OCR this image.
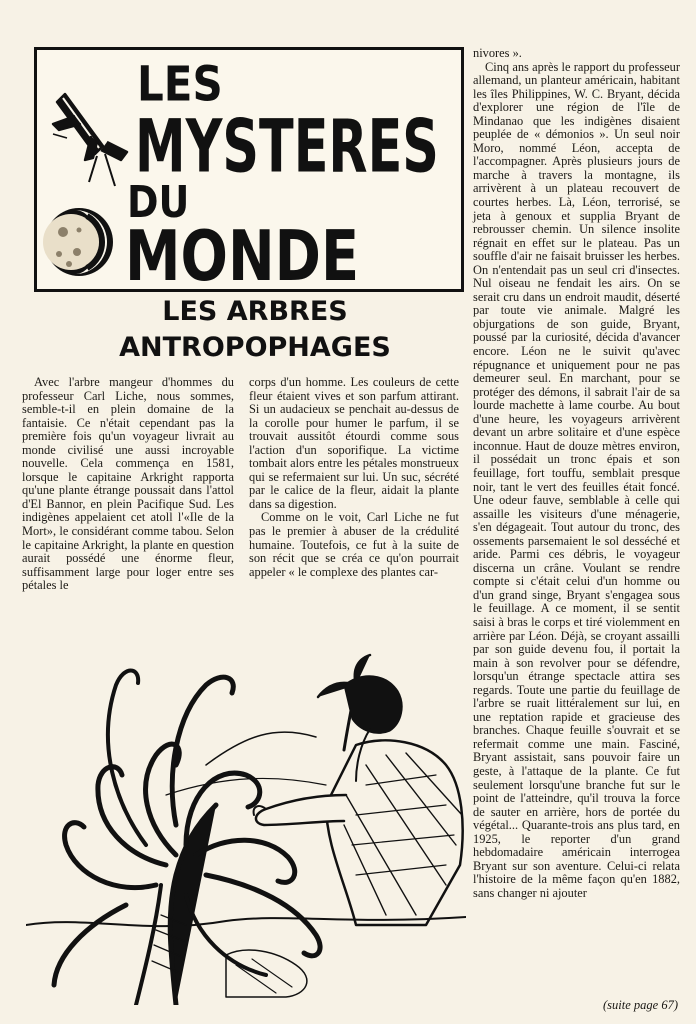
LES
MYSTERES
DU
MONDE
LES ARBRES
ANTROPOPHAGES

Avec l'arbre mangeur d'hommes du professeur Carl Liche, nous sommes, semble-t-il en plein domaine de la fantaisie. Ce n'était cependant pas la première fois qu'un voyageur livrait au monde civilisé une aussi incroyable nouvelle. Cela commença en 1581, lorsque le capitaine Arkright rapporta qu'une plante étrange poussait dans l'attol d'El Bannor, en plein Pacifique Sud. Les indigènes appelaient cet atoll l'«Ile de la Mort», le considérant comme tabou. Selon le capitaine Arkright, la plante en question aurait possédé une énorme fleur, suffisamment large pour loger entre ses pétales le

corps d'un homme. Les couleurs de cette fleur étaient vives et son parfum attirant. Si un audacieux se penchait au-dessus de la corolle pour humer le parfum, il se trouvait aussitôt étourdi comme sous l'action d'un soporifique. La victime tombait alors entre les pétales monstrueux qui se refermaient sur lui. Un suc, sécrété par le calice de la fleur, aidait la plante dans sa digestion.

Comme on le voit, Carl Liche ne fut pas le premier à abuser de la crédulité humaine. Toutefois, ce fut à la suite de son récit que se créa ce qu'on pourrait appeler « le complexe des plantes car-

nivores ».

Cinq ans après le rapport du professeur allemand, un planteur américain, habitant les îles Philippines, W. C. Bryant, décida d'explorer une région de l'île de Mindanao que les indigènes disaient peuplée de « démonios ». Un seul noir Moro, nommé Léon, accepta de l'accompagner. Après plusieurs jours de marche à travers la montagne, ils arrivèrent à un plateau recouvert de courtes herbes. Là, Léon, terrorisé, se jeta à genoux et supplia Bryant de rebrousser chemin. Un silence insolite régnait en effet sur le plateau. Pas un souffle d'air ne faisait bruisser les herbes. On n'entendait pas un seul cri d'insectes. Nul oiseau ne fendait les airs. On se serait cru dans un endroit maudit, déserté par toute vie animale. Malgré les objurgations de son guide, Bryant, poussé par la curiosité, décida d'avancer encore. Léon ne le suivit qu'avec répugnance et uniquement pour ne pas demeurer seul. En marchant, pour se protéger des démons, il sabrait l'air de sa lourde machette à lame courbe. Au bout d'une heure, les voyageurs arrivèrent devant un arbre solitaire et d'une espèce inconnue. Haut de douze mètres environ, il possédait un tronc épais et son feuillage, fort touffu, semblait presque noir, tant le vert des feuilles était foncé. Une odeur fauve, semblable à celle qui assaille les visiteurs d'une ménagerie, s'en dégageait. Tout autour du tronc, des ossements parsemaient le sol desséché et aride. Parmi ces débris, le voyageur discerna un crâne. Voulant se rendre compte si c'était celui d'un homme ou d'un grand singe, Bryant s'engagea sous le feuillage. A ce moment, il se sentit saisi à bras le corps et tiré violemment en arrière par Léon. Déjà, se croyant assailli par son guide devenu fou, il portait la main à son revolver pour se défendre, lorsqu'un étrange spectacle attira ses regards. Toute une partie du feuillage de l'arbre se ruait littéralement sur lui, en une reptation rapide et gracieuse des branches. Chaque feuille s'ouvrait et se refermait comme une main. Fasciné, Bryant assistait, sans pouvoir faire un geste, à l'attaque de la plante. Ce fut seulement lorsqu'une branche fut sur le point de l'atteindre, qu'il trouva la force de sauter en arrière, hors de portée du végétal... Quarante-trois ans plus tard, en 1925, le reporter d'un grand hebdomadaire américain interrogea Bryant sur son aventure. Celui-ci relata l'histoire de la même façon qu'en 1882, sans changer ni ajouter

(suite page 67)
